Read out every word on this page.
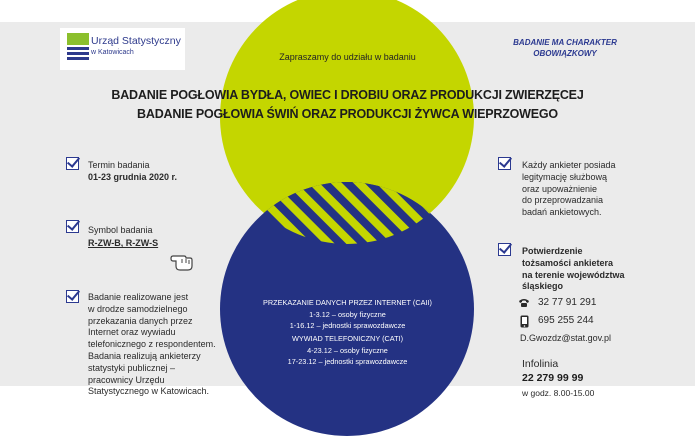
Urząd Statystyczny
w Katowicach	Zapraszamy do udziału w badaniu
BADANIE MA CHARAKTER
OBOWIĄZKOWY
BADANIE POGŁOWIA BYDŁA, OWIEC I DROBIU ORAZ PRODUKCJI ZWIERZĘCEJ
BADANIE POGŁOWIA ŚWIŃ ORAZ PRODUKCJI ŻYWCA WIEPRZOWEGO
Termin badania
01-23 grudnia 2020 r.
Symbol badania
R-ZW-B, R-ZW-S
Badanie realizowane jest
w drodze samodzielnego
przekazania danych przez
Internet oraz wywiadu
telefonicznego z respondentem.
Badania realizują ankieterzy
statystyki publicznej –
pracownicy Urzędu
Statystycznego w Katowicach.
PRZEKAZANIE DANYCH PRZEZ INTERNET (CAII)
1-3.12 – osoby fizyczne
1-16.12 – jednostki sprawozdawcze
WYWIAD TELEFONICZNY (CATI)
4-23.12 – osoby fizyczne
17-23.12 – jednostki sprawozdawcze
Każdy ankieter posiada
legitymację służbową
oraz upoważnienie
do przeprowadzania
badań ankietowych.
Potwierdzenie
tożsamości ankietera
na terenie województwa
śląskiego
32 77 91 291
695 255 244
D.Gwozdz@stat.gov.pl
Infolinia
22 279 99 99
w godz. 8.00-15.00
